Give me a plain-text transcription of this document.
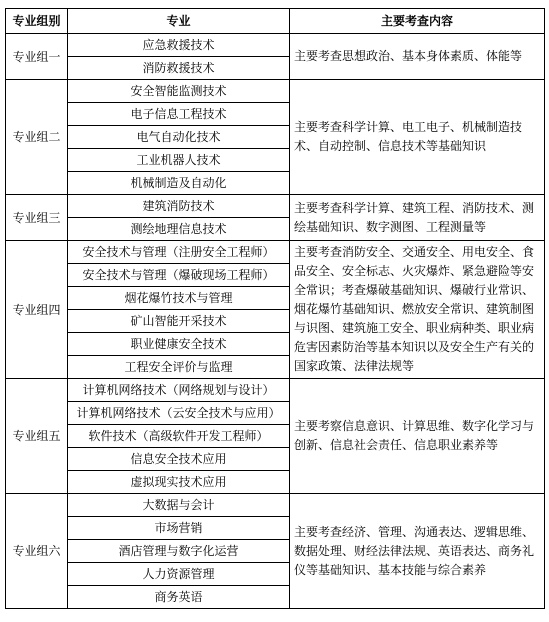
专业组别	专业	主要考查内容
专业组一	应急救援技术	主要考查思想政治、基本身体素质、体能等
	消防救援技术	
专业组二	安全智能监测技术	主要考查科学计算、电工电子、机械制造技术、自动控制、信息技术等基础知识
	电子信息工程技术	
	电气自动化技术	
	工业机器人技术	
	机械制造及自动化	
专业组三	建筑消防技术	主要考查科学计算、建筑工程、消防技术、测绘基础知识、数字测图、工程测量等
	测绘地理信息技术	
专业组四	安全技术与管理（注册安全工程师）	主要考查消防安全、交通安全、用电安全、食品安全、安全标志、火灾爆炸、紧急避险等安全常识；考查爆破基础知识、爆破行业常识、烟花爆竹基础知识、燃放安全常识、建筑制图与识图、建筑施工安全、职业病种类、职业病危害因素防治等基本知识以及安全生产有关的国家政策、法律法规等
	安全技术与管理（爆破现场工程师）	
	烟花爆竹技术与管理	
	矿山智能开采技术	
	职业健康安全技术	
	工程安全评价与监理	
专业组五	计算机网络技术（网络规划与设计）	主要考察信息意识、计算思维、数字化学习与创新、信息社会责任、信息职业素养等
	计算机网络技术（云安全技术与应用）	
	软件技术（高级软件开发工程师）	
	信息安全技术应用	
	虚拟现实技术应用	
专业组六	大数据与会计	主要考查经济、管理、沟通表达、逻辑思维、数据处理、财经法律法规、英语表达、商务礼仪等基础知识、基本技能与综合素养
	市场营销	
	酒店管理与数字化运营	
	人力资源管理	
	商务英语	
